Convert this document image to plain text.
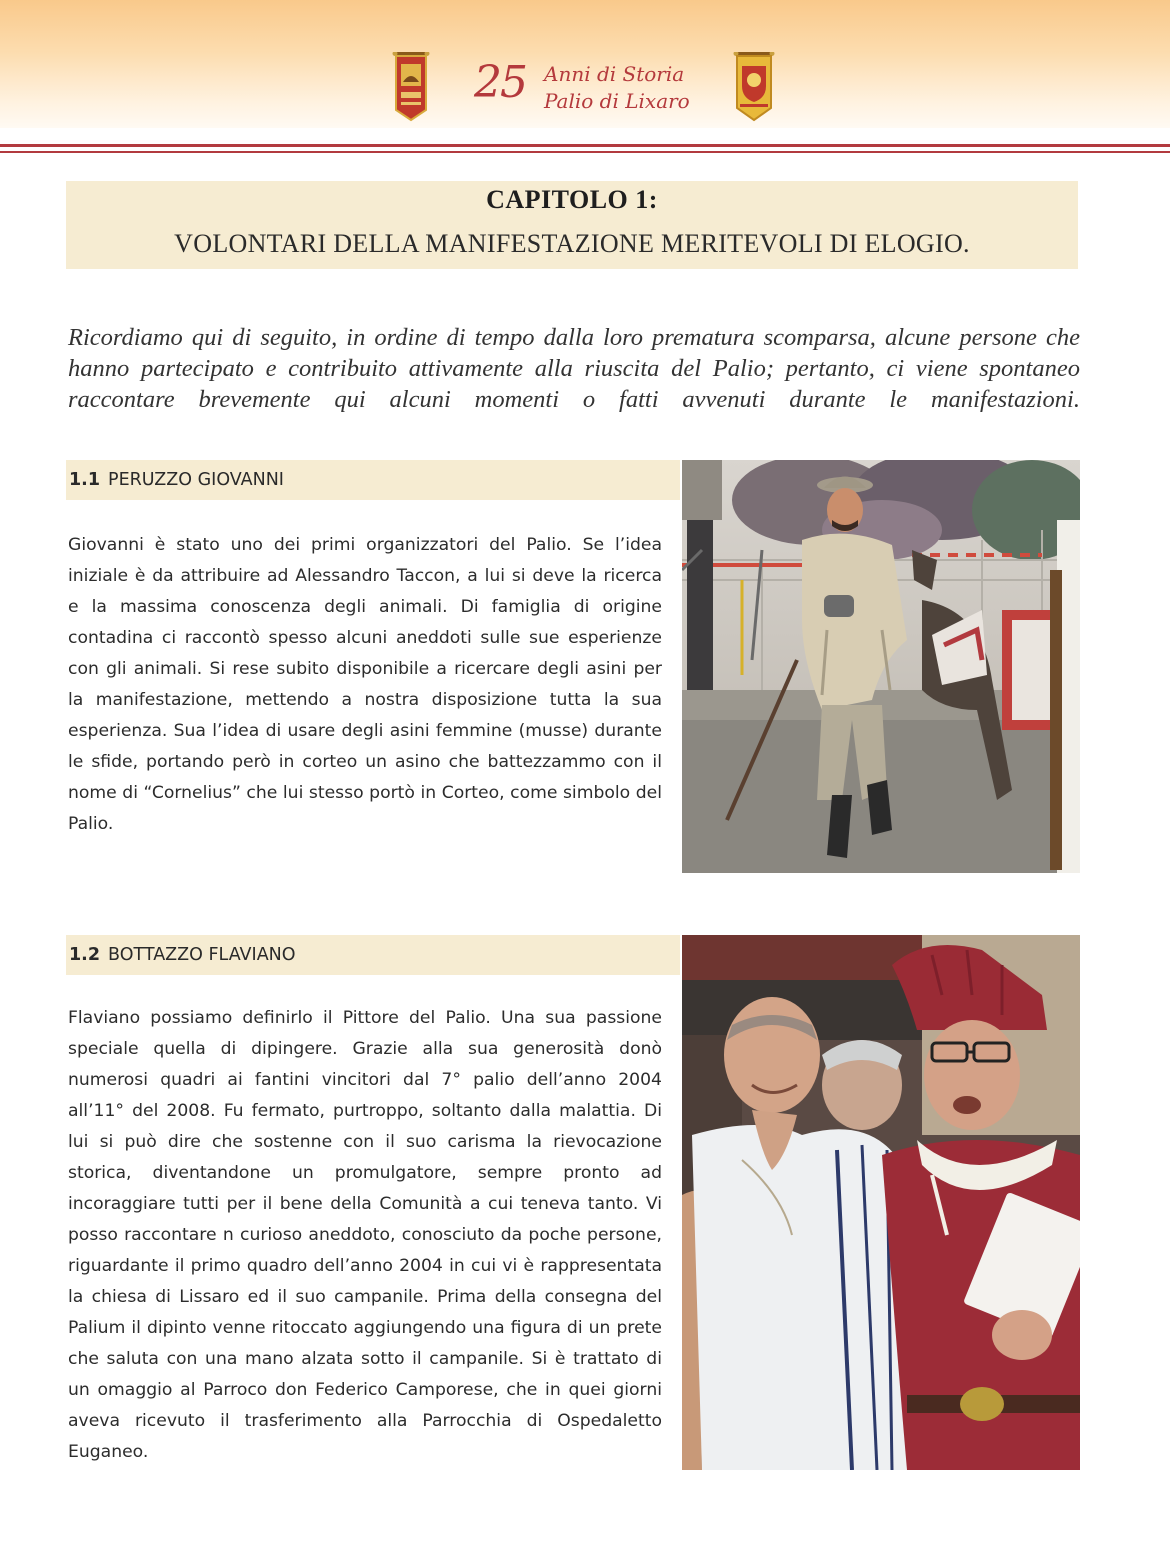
25 Anni di Storia
Palio di Lixaro
CAPITOLO 1:
VOLONTARI DELLA MANIFESTAZIONE MERITEVOLI DI ELOGIO.
Ricordiamo qui di seguito, in ordine di tempo dalla loro prematura scomparsa, alcune persone che hanno partecipato e contribuito attivamente alla riuscita del Palio; pertanto, ci viene spontaneo raccontare brevemente qui alcuni momenti o fatti avvenuti durante le manifestazioni.
1.1 PERUZZO GIOVANNI
Giovanni è stato uno dei primi organizzatori del Palio. Se l’idea iniziale è da attribuire ad Alessandro Taccon, a lui si deve la ricerca e la massima conoscenza degli animali. Di famiglia di origine contadina ci raccontò spesso alcuni aneddoti sulle sue esperienze con gli animali. Si rese subito disponibile a ricercare degli asini per la manifestazione, mettendo a nostra disposizione tutta la sua esperienza. Sua l’idea di usare degli asini femmine (musse) durante le sfide, portando però in corteo un asino che battezzammo con il nome di “Cornelius” che lui stesso portò in Corteo, come simbolo del Palio.
1.2 BOTTAZZO FLAVIANO
Flaviano possiamo definirlo il Pittore del Palio. Una sua passione speciale quella di dipingere. Grazie alla sua generosità donò numerosi quadri ai fantini vincitori dal 7° palio dell’anno 2004 all’11° del 2008. Fu fermato, purtroppo, soltanto dalla malattia. Di lui si può dire che sostenne con il suo carisma la rievocazione storica, diventandone un promulgatore, sempre pronto ad incoraggiare tutti per il bene della Comunità a cui teneva tanto. Vi posso raccontare n curioso aneddoto, conosciuto da poche persone, riguardante il primo quadro dell’anno 2004 in cui vi è rappresentata la chiesa di Lissaro ed il suo campanile. Prima della consegna del Palium il dipinto venne ritoccato aggiungendo una figura di un prete che saluta con una mano alzata sotto il campanile. Si è trattato di un omaggio al Parroco don Federico Camporese, che in quei giorni aveva ricevuto il trasferimento alla Parrocchia di Ospedaletto Euganeo.
